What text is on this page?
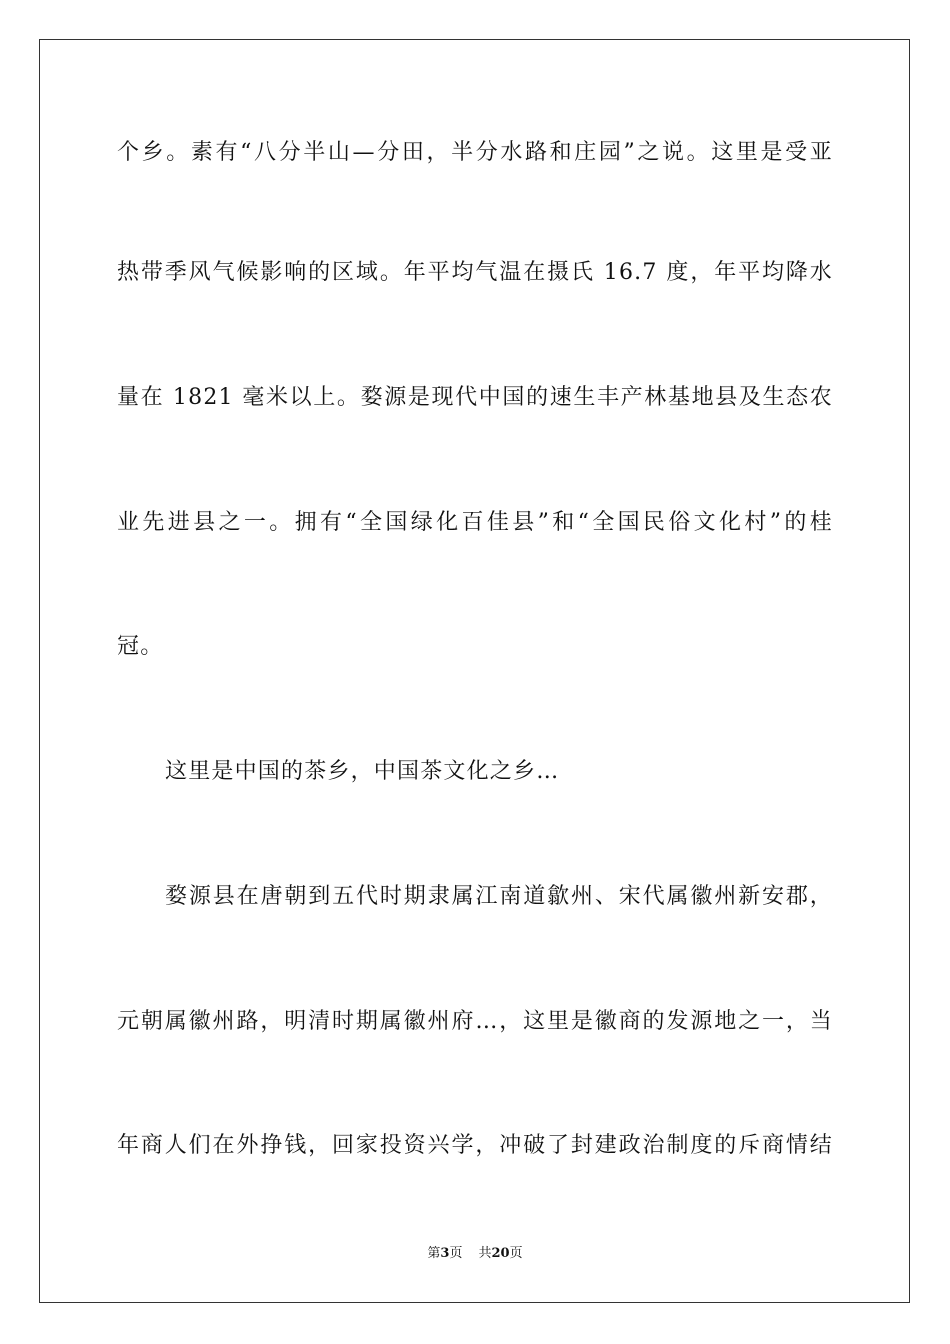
个乡。素有“八分半山—分田，半分水路和庄园”之说。这里是受亚
热带季风气候影响的区域。年平均气温在摄氏 16.7 度，年平均降水
量在 1821 毫米以上。婺源是现代中国的速生丰产林基地县及生态农
业先进县之一。拥有“全国绿化百佳县”和“全国民俗文化村”的桂
冠。
这里是中国的茶乡，中国茶文化之乡…
婺源县在唐朝到五代时期隶属江南道歙州、宋代属徽州新安郡，
元朝属徽州路，明清时期属徽州府…，这里是徽商的发源地之一，当
年商人们在外挣钱，回家投资兴学，冲破了封建政治制度的斥商情结
第3页 共20页
